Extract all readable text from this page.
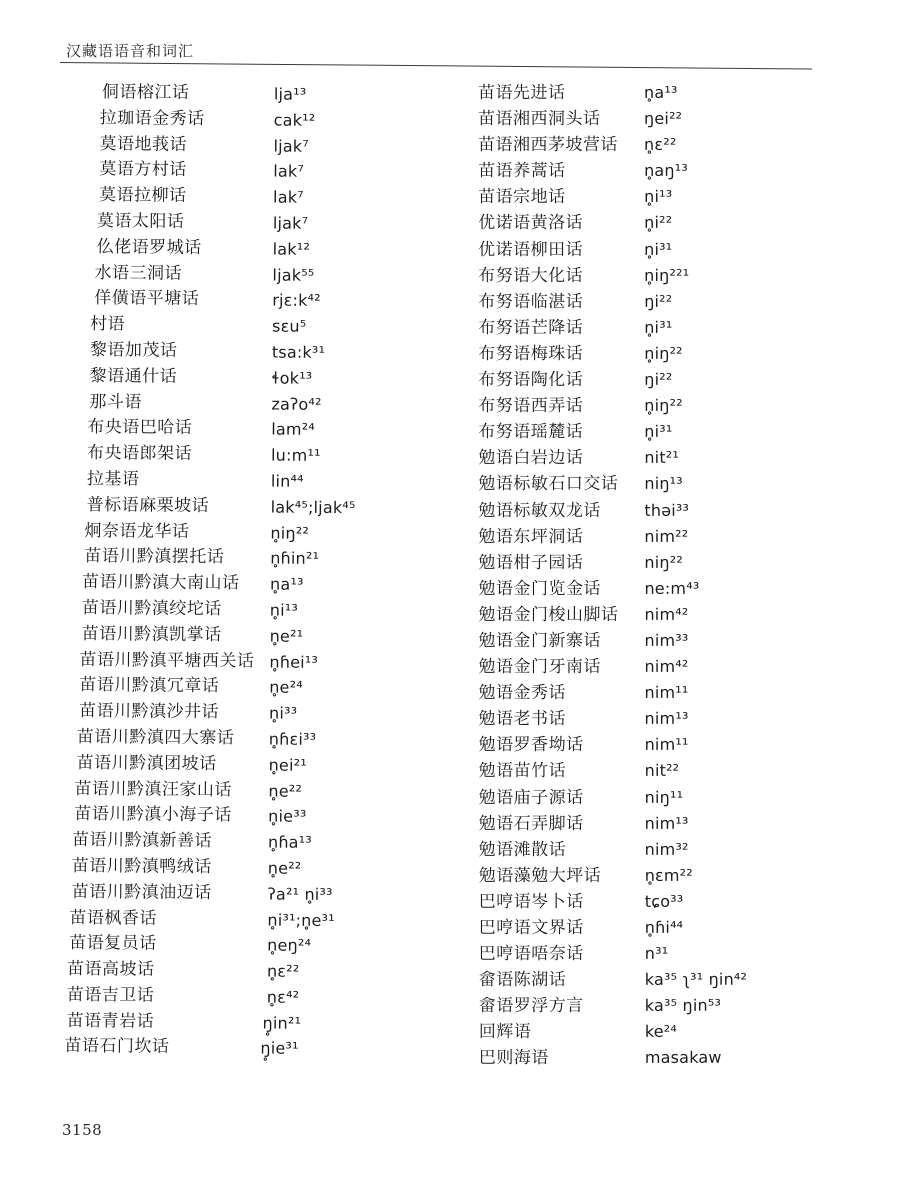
汉藏语语音和词汇
侗语榕江话	lja¹³
拉珈语金秀话	cak¹²
莫语地莪话	ljak⁷
莫语方村话	lak⁷
莫语拉柳话	lak⁷
莫语太阳话	ljak⁷
仫佬语罗城话	lak¹²
水语三洞话	ljak⁵⁵
佯僙语平塘话	rjɛ:k⁴²
村语	sɛu⁵
黎语加茂话	tsa:k³¹
黎语通什话	ɬok¹³
那斗语	zaʔo⁴²
布央语巴哈话	lam²⁴
布央语郎架话	lu:m¹¹
拉基语	lin⁴⁴
普标语麻栗坡话	lak⁴⁵;ljak⁴⁵
炯奈语龙华话	n̥iŋ²²
苗语川黔滇摆托话	n̥ɦin²¹
苗语川黔滇大南山话 n̥a¹³
苗语川黔滇绞坨话	n̥i¹³
苗语川黔滇凯掌话	n̥e²¹
苗语川黔滇平塘西关话 n̥ɦei¹³
苗语川黔滇冗章话	n̥e²⁴
苗语川黔滇沙井话	n̥i³³
苗语川黔滇四大寨话 n̥ɦɛi³³
苗语川黔滇团坡话	n̥ei²¹
苗语川黔滇汪家山话 n̥e²²
苗语川黔滇小海子话 n̥ie³³
苗语川黔滇新善话	n̥ɦa¹³
苗语川黔滇鸭绒话	n̥e²²
苗语川黔滇油迈话	ʔa²¹ n̥i³³
苗语枫香话	n̥i³¹;n̥e³¹
苗语复员话	n̥eŋ²⁴
苗语高坡话	n̥ɛ²²
苗语吉卫话	n̥ɛ⁴²
苗语青岩话	ŋ̥in²¹
苗语石门坎话	ŋ̥ie³¹
苗语先进话	n̥a¹³
苗语湘西洞头话	ŋei²²
苗语湘西茅坡营话 n̥ɛ²²
苗语养蒿话	n̥aŋ¹³
苗语宗地话	n̥i¹³
优诺语黄洛话	n̥i²²
优诺语柳田话	n̥i³¹
布努语大化话	n̥iŋ²²¹
布努语临湛话	ŋi²²
布努语芒降话	n̥i³¹
布努语梅珠话	n̥iŋ²²
布努语陶化话	ŋi²²
布努语西弄话	n̥iŋ²²
布努语瑶麓话	n̥i³¹
勉语白岩边话	nit²¹
勉语标敏石口交话 niŋ¹³
勉语标敏双龙话	thəi³³
勉语东坪洞话	nim²²
勉语柑子园话	niŋ²²
勉语金门览金话	ne:m⁴³
勉语金门梭山脚话 nim⁴²
勉语金门新寨话	nim³³
勉语金门牙南话	nim⁴²
勉语金秀话	nim¹¹
勉语老书话	nim¹³
勉语罗香坳话	nim¹¹
勉语苗竹话	nit²²
勉语庙子源话	niŋ¹¹
勉语石弄脚话	nim¹³
勉语滩散话	nim³²
勉语藻勉大坪话	n̥ɛm²²
巴哼语岑卜话	tɕo³³
巴哼语文界话	n̥ɦi⁴⁴
巴哼语唔奈话	n³¹
畲语陈湖话	ka³⁵ ʅ³¹ ŋin⁴²
畲语罗浮方言	ka³⁵ ŋin⁵³
回辉语	ke²⁴
巴则海语	masakaw
3158
